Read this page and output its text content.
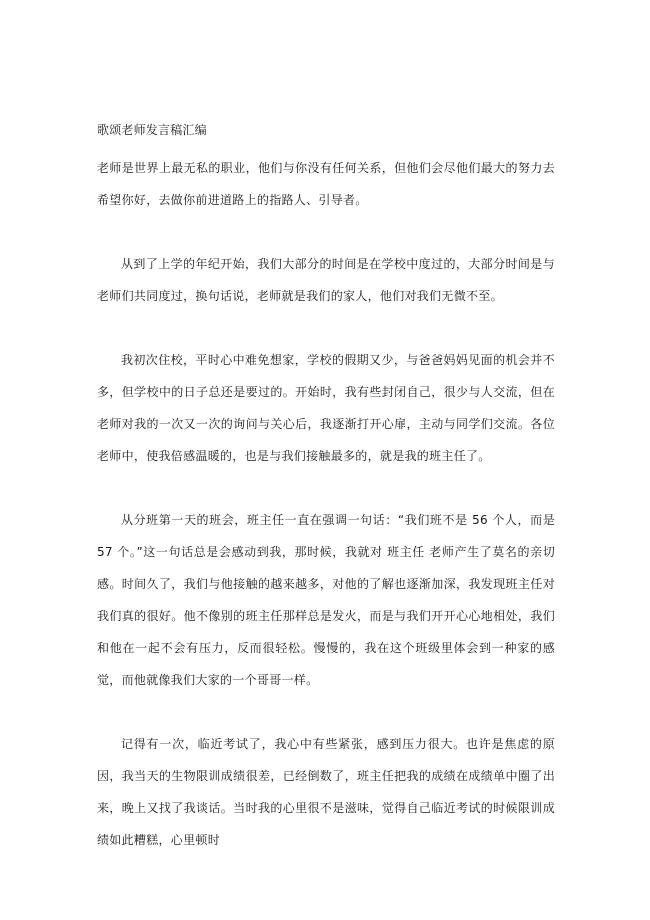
歌颂老师发言稿汇编

老师是世界上最无私的职业，他们与你没有任何关系，但他们会尽他们最大的努力去希望你好，去做你前进道路上的指路人、引导者。

从到了上学的年纪开始，我们大部分的时间是在学校中度过的，大部分时间是与老师们共同度过，换句话说，老师就是我们的家人，他们对我们无微不至。

我初次住校，平时心中难免想家，学校的假期又少，与爸爸妈妈见面的机会并不多，但学校中的日子总还是要过的。开始时，我有些封闭自己，很少与人交流，但在老师对我的一次又一次的询问与关心后，我逐渐打开心扉，主动与同学们交流。各位老师中，使我倍感温暖的，也是与我们接触最多的，就是我的班主任了。

从分班第一天的班会，班主任一直在强调一句话：“我们班不是 56 个人，而是 57 个。”这一句话总是会感动到我，那时候，我就对 班主任 老师产生了莫名的亲切感。时间久了，我们与他接触的越来越多，对他的了解也逐渐加深，我发现班主任对我们真的很好。他不像别的班主任那样总是发火，而是与我们开开心心地相处，我们和他在一起不会有压力，反而很轻松。慢慢的，我在这个班级里体会到一种家的感觉，而他就像我们大家的一个哥哥一样。

记得有一次，临近考试了，我心中有些紧张，感到压力很大。也许是焦虑的原因，我当天的生物限训成绩很差，已经倒数了，班主任把我的成绩在成绩单中圈了出来，晚上又找了我谈话。当时我的心里很不是滋味，觉得自己临近考试的时候限训成绩如此糟糕，心里顿时
